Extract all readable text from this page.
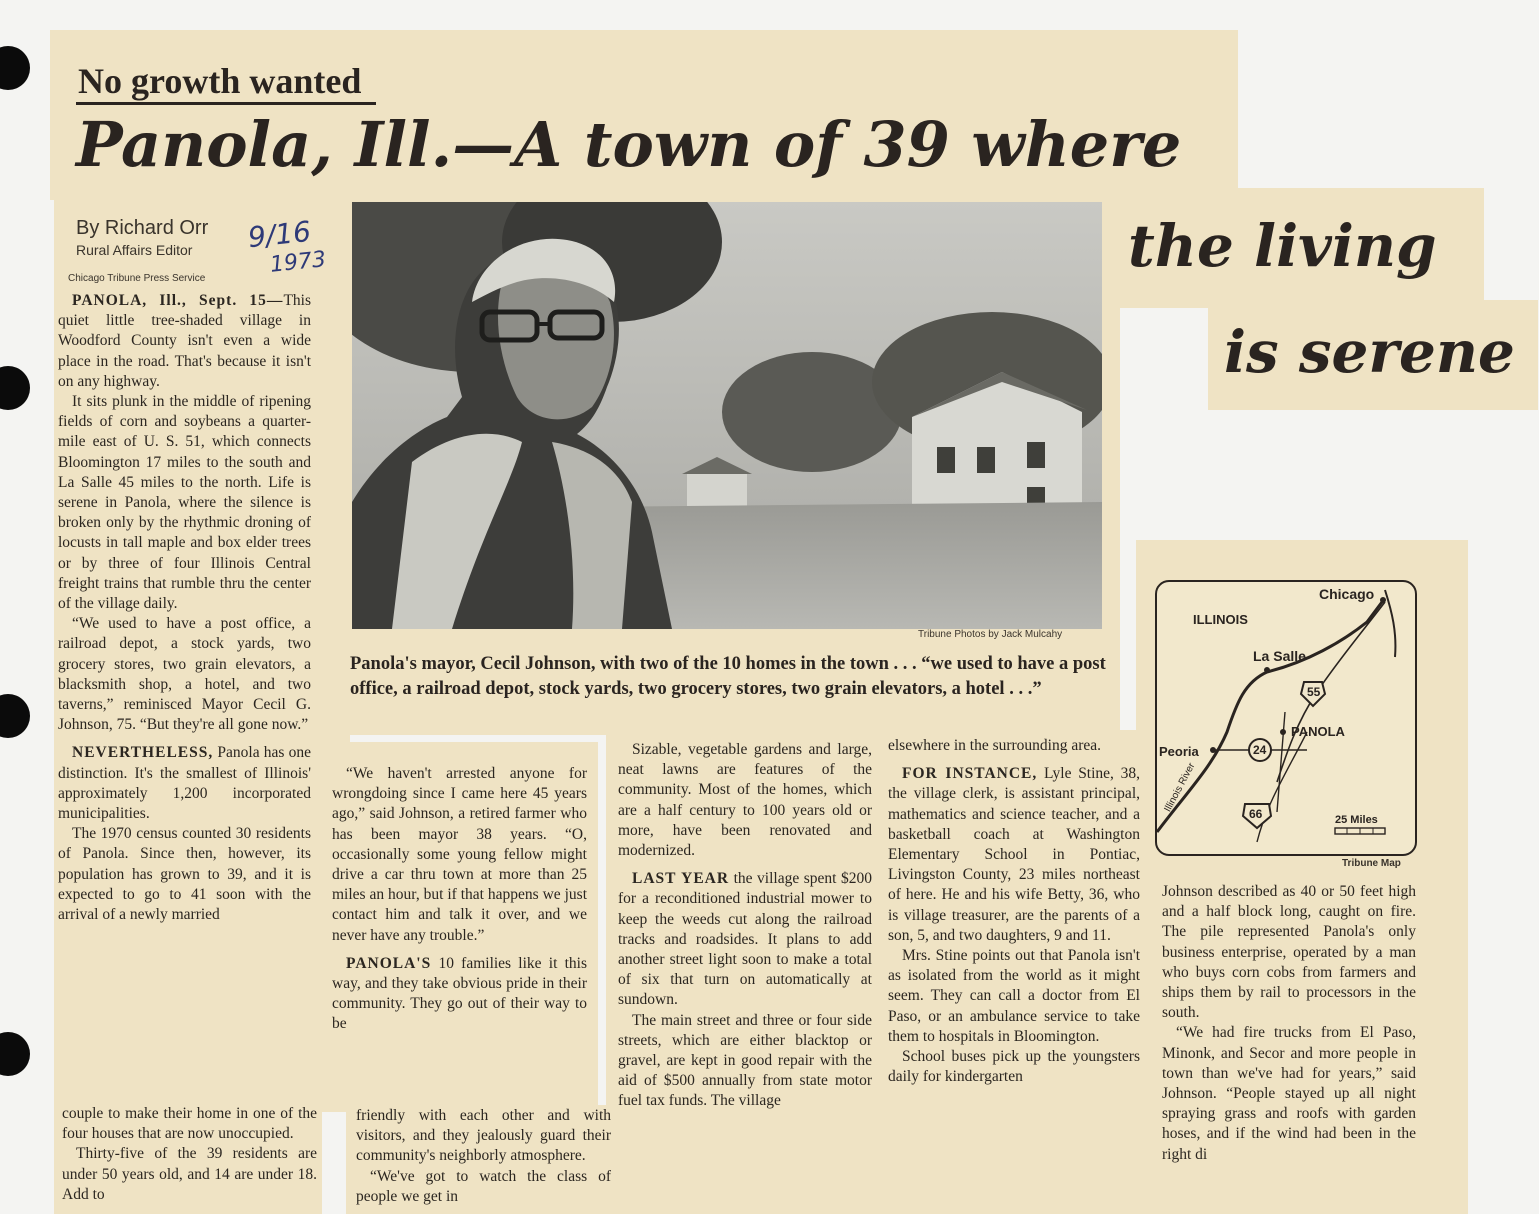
No growth wanted
Panola, Ill.—A town of 39 where
the living
is serene
By Richard Orr
Rural Affairs Editor
Chicago Tribune Press Service
9/16
1973

PANOLA, Ill., Sept. 15—This quiet little tree-shaded village in Woodford County isn't even a wide place in the road. That's because it isn't on any highway.

It sits plunk in the middle of ripening fields of corn and soybeans a quarter-mile east of U. S. 51, which connects Bloomington 17 miles to the south and La Salle 45 miles to the north. Life is serene in Panola, where the silence is broken only by the rhythmic droning of locusts in tall maple and box elder trees or by three of four Illinois Central freight trains that rumble thru the center of the village daily.

“We used to have a post office, a railroad depot, a stock yards, two grocery stores, two grain elevators, a blacksmith shop, a hotel, and two taverns,” reminisced Mayor Cecil G. Johnson, 75. “But they're all gone now.”

NEVERTHELESS, Panola has one distinction. It's the smallest of Illinois' approximately 1,200 incorporated municipalities.

The 1970 census counted 30 residents of Panola. Since then, however, its population has grown to 39, and it is expected to go to 41 soon with the arrival of a newly married

Tribune Photos by Jack Mulcahy
Panola's mayor, Cecil Johnson, with two of the 10 homes in the town . . . “we used to have a post office, a railroad depot, stock yards, two grocery stores, two grain elevators, a hotel . . .”
ILLINOIS
Chicago
La Salle
PANOLA
Peoria
Illinois River
55
24
66	25 Miles
Tribune Map

“We haven't arrested anyone for wrongdoing since I came here 45 years ago,” said Johnson, a retired farmer who has been mayor 38 years. “O, occasionally some young fellow might drive a car thru town at more than 25 miles an hour, but if that happens we just contact him and talk it over, and we never have any trouble.”

PANOLA'S 10 families like it this way, and they take obvious pride in their community. They go out of their way to be

friendly with each other and with visitors, and they jealously guard their community's neighborly atmosphere.

“We've got to watch the class of people we get in

couple to make their home in one of the four houses that are now unoccupied.

Thirty-five of the 39 residents are under 50 years old, and 14 are under 18. Add to

Sizable, vegetable gardens and large, neat lawns are features of the community. Most of the homes, which are a half century to 100 years old or more, have been renovated and modernized.

LAST YEAR the village spent $200 for a reconditioned industrial mower to keep the weeds cut along the railroad tracks and roadsides. It plans to add another street light soon to make a total of six that turn on automatically at sundown.

The main street and three or four side streets, which are either blacktop or gravel, are kept in good repair with the aid of $500 annually from state motor fuel tax funds. The village

elsewhere in the surrounding area.

FOR INSTANCE, Lyle Stine, 38, the village clerk, is assistant principal, mathematics and science teacher, and a basketball coach at Washington Elementary School in Pontiac, Livingston County, 23 miles northeast of here. He and his wife Betty, 36, who is village treasurer, are the parents of a son, 5, and two daughters, 9 and 11.

Mrs. Stine points out that Panola isn't as isolated from the world as it might seem. They can call a doctor from El Paso, or an ambulance service to take them to hospitals in Bloomington.

School buses pick up the youngsters daily for kindergarten

Johnson described as 40 or 50 feet high and a half block long, caught on fire. The pile represented Panola's only business enterprise, operated by a man who buys corn cobs from farmers and ships them by rail to processors in the south.

“We had fire trucks from El Paso, Minonk, and Secor and more people in town than we've had for years,” said Johnson. “People stayed up all night spraying grass and roofs with garden hoses, and if the wind had been in the right di
